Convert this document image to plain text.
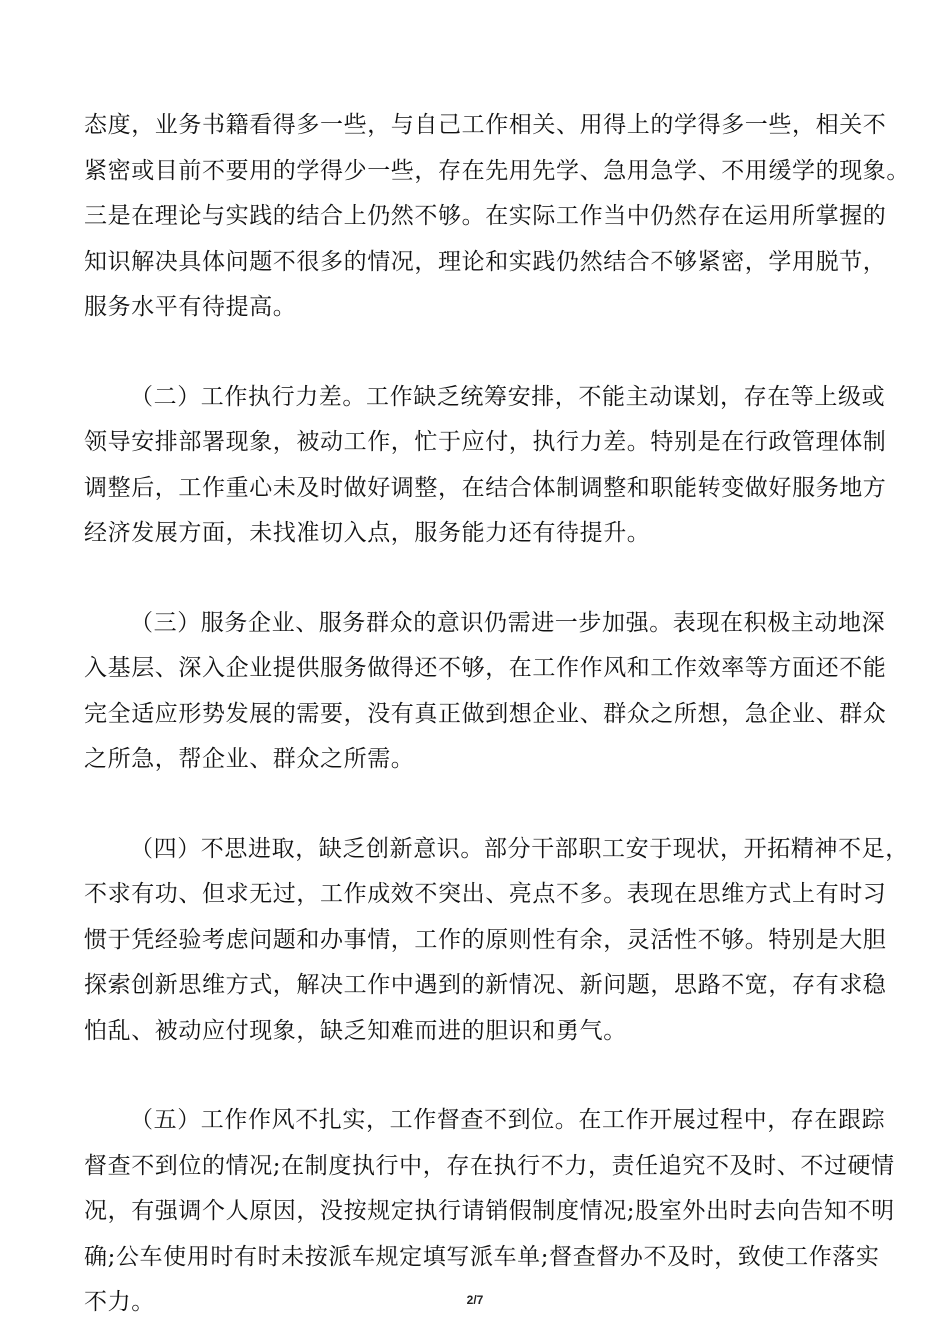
态度，业务书籍看得多一些，与自己工作相关、用得上的学得多一些，相关不
紧密或目前不要用的学得少一些，存在先用先学、急用急学、不用缓学的现象。
三是在理论与实践的结合上仍然不够。在实际工作当中仍然存在运用所掌握的
知识解决具体问题不很多的情况，理论和实践仍然结合不够紧密，学用脱节，
服务水平有待提高。
（二）工作执行力差。工作缺乏统筹安排，不能主动谋划，存在等上级或
领导安排部署现象，被动工作，忙于应付，执行力差。特别是在行政管理体制
调整后，工作重心未及时做好调整，在结合体制调整和职能转变做好服务地方
经济发展方面，未找准切入点，服务能力还有待提升。
（三）服务企业、服务群众的意识仍需进一步加强。表现在积极主动地深
入基层、深入企业提供服务做得还不够，在工作作风和工作效率等方面还不能
完全适应形势发展的需要，没有真正做到想企业、群众之所想，急企业、群众
之所急，帮企业、群众之所需。
（四）不思进取，缺乏创新意识。部分干部职工安于现状，开拓精神不足，
不求有功、但求无过，工作成效不突出、亮点不多。表现在思维方式上有时习
惯于凭经验考虑问题和办事情，工作的原则性有余，灵活性不够。特别是大胆
探索创新思维方式，解决工作中遇到的新情况、新问题，思路不宽，存有求稳
怕乱、被动应付现象，缺乏知难而进的胆识和勇气。
（五）工作作风不扎实，工作督查不到位。在工作开展过程中，存在跟踪
督查不到位的情况;在制度执行中，存在执行不力，责任追究不及时、不过硬情
况，有强调个人原因，没按规定执行请销假制度情况;股室外出时去向告知不明
确;公车使用时有时未按派车规定填写派车单;督查督办不及时，致使工作落实
不力。	2/7
